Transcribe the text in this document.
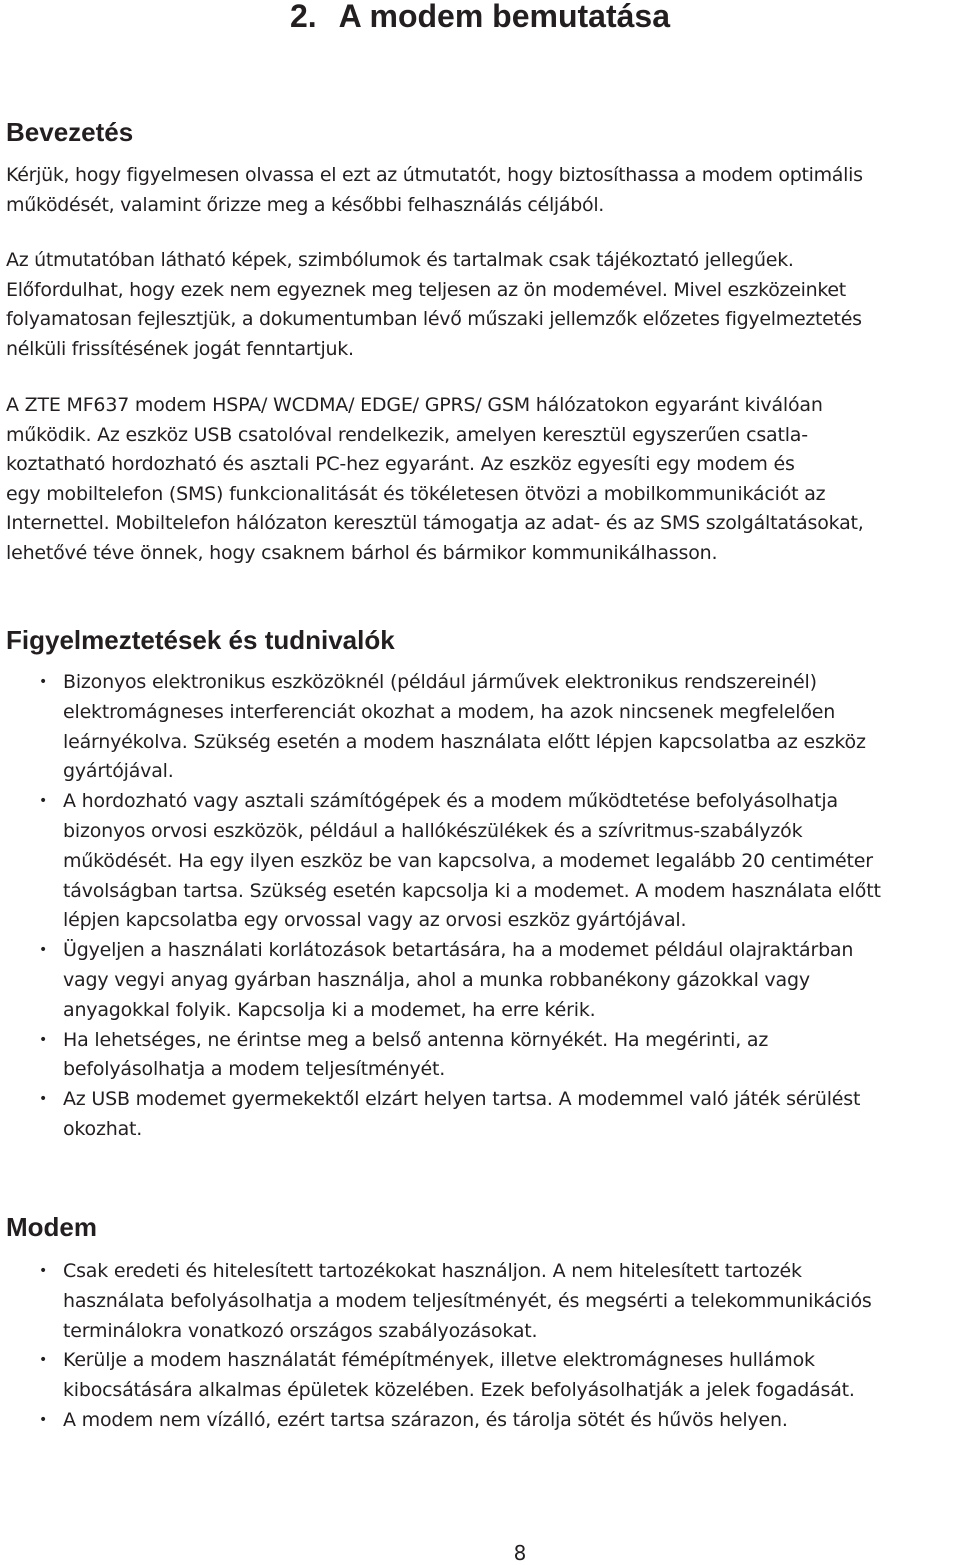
2. A modem bemutatása
Bevezetés

Kérjük, hogy figyelmesen olvassa el ezt az útmutatót, hogy biztosíthassa a modem optimális
működését, valamint őrizze meg a későbbi felhasználás céljából.

Az útmutatóban látható képek, szimbólumok és tartalmak csak tájékoztató jellegűek.
Előfordulhat, hogy ezek nem egyeznek meg teljesen az ön modemével. Mivel eszközeinket
folyamatosan fejlesztjük, a dokumentumban lévő műszaki jellemzők előzetes figyelmeztetés
nélküli frissítésének jogát fenntartjuk.

A ZTE MF637 modem HSPA/ WCDMA/ EDGE/ GPRS/ GSM hálózatokon egyaránt kiválóan
működik. Az eszköz USB csatolóval rendelkezik, amelyen keresztül egyszerűen csatla-
koztatható hordozható és asztali PC-hez egyaránt. Az eszköz egyesíti egy modem és
egy mobiltelefon (SMS) funkcionalitását és tökéletesen ötvözi a mobilkommunikációt az
Internettel. Mobiltelefon hálózaton keresztül támogatja az adat- és az SMS szolgáltatásokat,
lehetővé téve önnek, hogy csaknem bárhol és bármikor kommunikálhasson.

Figyelmeztetések és tudnivalók
• Bizonyos elektronikus eszközöknél (például járművek elektronikus rendszereinél)
elektromágneses interferenciát okozhat a modem, ha azok nincsenek megfelelően
leárnyékolva. Szükség esetén a modem használata előtt lépjen kapcsolatba az eszköz
gyártójával.
• A hordozható vagy asztali számítógépek és a modem működtetése befolyásolhatja
bizonyos orvosi eszközök, például a hallókészülékek és a szívritmus-szabályzók
működését. Ha egy ilyen eszköz be van kapcsolva, a modemet legalább 20 centiméter
távolságban tartsa. Szükség esetén kapcsolja ki a modemet. A modem használata előtt
lépjen kapcsolatba egy orvossal vagy az orvosi eszköz gyártójával.
• Ügyeljen a használati korlátozások betartására, ha a modemet például olajraktárban
vagy vegyi anyag gyárban használja, ahol a munka robbanékony gázokkal vagy
anyagokkal folyik. Kapcsolja ki a modemet, ha erre kérik.
• Ha lehetséges, ne érintse meg a belső antenna környékét. Ha megérinti, az
befolyásolhatja a modem teljesítményét.
• Az USB modemet gyermekektől elzárt helyen tartsa. A modemmel való játék sérülést
okozhat.
Modem
• Csak eredeti és hitelesített tartozékokat használjon. A nem hitelesített tartozék
használata befolyásolhatja a modem teljesítményét, és megsérti a telekommunikációs
terminálokra vonatkozó országos szabályozásokat.
• Kerülje a modem használatát fémépítmények, illetve elektromágneses hullámok
kibocsátására alkalmas épületek közelében. Ezek befolyásolhatják a jelek fogadását.
• A modem nem vízálló, ezért tartsa szárazon, és tárolja sötét és hűvös helyen.
8
